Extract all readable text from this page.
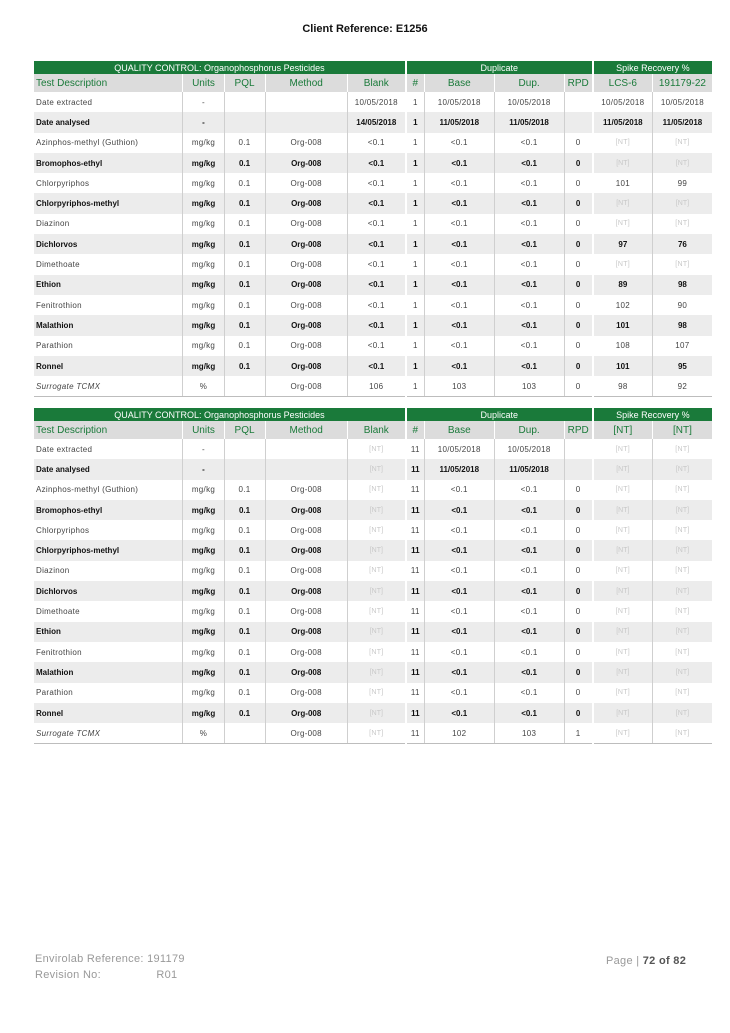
Client Reference: E1256
QUALITY CONTROL: Organophosphorus Pesticides					Duplicate				Spike Recovery %	
Test Description	Units	PQL	Method	Blank	#	Base	Dup.	RPD	LCS-6	191179-22
Date extracted	-			10/05/2018	1	10/05/2018	10/05/2018		10/05/2018	10/05/2018
Date analysed	-			14/05/2018	1	11/05/2018	11/05/2018		11/05/2018	11/05/2018
Azinphos-methyl (Guthion)	mg/kg	0.1	Org-008	<0.1	1	<0.1	<0.1	0	[NT]	[NT]
Bromophos-ethyl	mg/kg	0.1	Org-008	<0.1	1	<0.1	<0.1	0	[NT]	[NT]
Chlorpyriphos	mg/kg	0.1	Org-008	<0.1	1	<0.1	<0.1	0	101	99
Chlorpyriphos-methyl	mg/kg	0.1	Org-008	<0.1	1	<0.1	<0.1	0	[NT]	[NT]
Diazinon	mg/kg	0.1	Org-008	<0.1	1	<0.1	<0.1	0	[NT]	[NT]
Dichlorvos	mg/kg	0.1	Org-008	<0.1	1	<0.1	<0.1	0	97	76
Dimethoate	mg/kg	0.1	Org-008	<0.1	1	<0.1	<0.1	0	[NT]	[NT]
Ethion	mg/kg	0.1	Org-008	<0.1	1	<0.1	<0.1	0	89	98
Fenitrothion	mg/kg	0.1	Org-008	<0.1	1	<0.1	<0.1	0	102	90
Malathion	mg/kg	0.1	Org-008	<0.1	1	<0.1	<0.1	0	101	98
Parathion	mg/kg	0.1	Org-008	<0.1	1	<0.1	<0.1	0	108	107
Ronnel	mg/kg	0.1	Org-008	<0.1	1	<0.1	<0.1	0	101	95
Surrogate TCMX	%		Org-008	106	1	103	103	0	98	92
QUALITY CONTROL: Organophosphorus Pesticides					Duplicate				Spike Recovery %	
Test Description	Units	PQL	Method	Blank	#	Base	Dup.	RPD	[NT]	[NT]
Date extracted	-			[NT]	11	10/05/2018	10/05/2018		[NT]	[NT]
Date analysed	-			[NT]	11	11/05/2018	11/05/2018		[NT]	[NT]
Azinphos-methyl (Guthion)	mg/kg	0.1	Org-008	[NT]	11	<0.1	<0.1	0	[NT]	[NT]
Bromophos-ethyl	mg/kg	0.1	Org-008	[NT]	11	<0.1	<0.1	0	[NT]	[NT]
Chlorpyriphos	mg/kg	0.1	Org-008	[NT]	11	<0.1	<0.1	0	[NT]	[NT]
Chlorpyriphos-methyl	mg/kg	0.1	Org-008	[NT]	11	<0.1	<0.1	0	[NT]	[NT]
Diazinon	mg/kg	0.1	Org-008	[NT]	11	<0.1	<0.1	0	[NT]	[NT]
Dichlorvos	mg/kg	0.1	Org-008	[NT]	11	<0.1	<0.1	0	[NT]	[NT]
Dimethoate	mg/kg	0.1	Org-008	[NT]	11	<0.1	<0.1	0	[NT]	[NT]
Ethion	mg/kg	0.1	Org-008	[NT]	11	<0.1	<0.1	0	[NT]	[NT]
Fenitrothion	mg/kg	0.1	Org-008	[NT]	11	<0.1	<0.1	0	[NT]	[NT]
Malathion	mg/kg	0.1	Org-008	[NT]	11	<0.1	<0.1	0	[NT]	[NT]
Parathion	mg/kg	0.1	Org-008	[NT]	11	<0.1	<0.1	0	[NT]	[NT]
Ronnel	mg/kg	0.1	Org-008	[NT]	11	<0.1	<0.1	0	[NT]	[NT]
Surrogate TCMX	%		Org-008	[NT]	11	102	103	1	[NT]	[NT]
Envirolab Reference: 191179
Revision No:	R01
Page | 72 of 82
